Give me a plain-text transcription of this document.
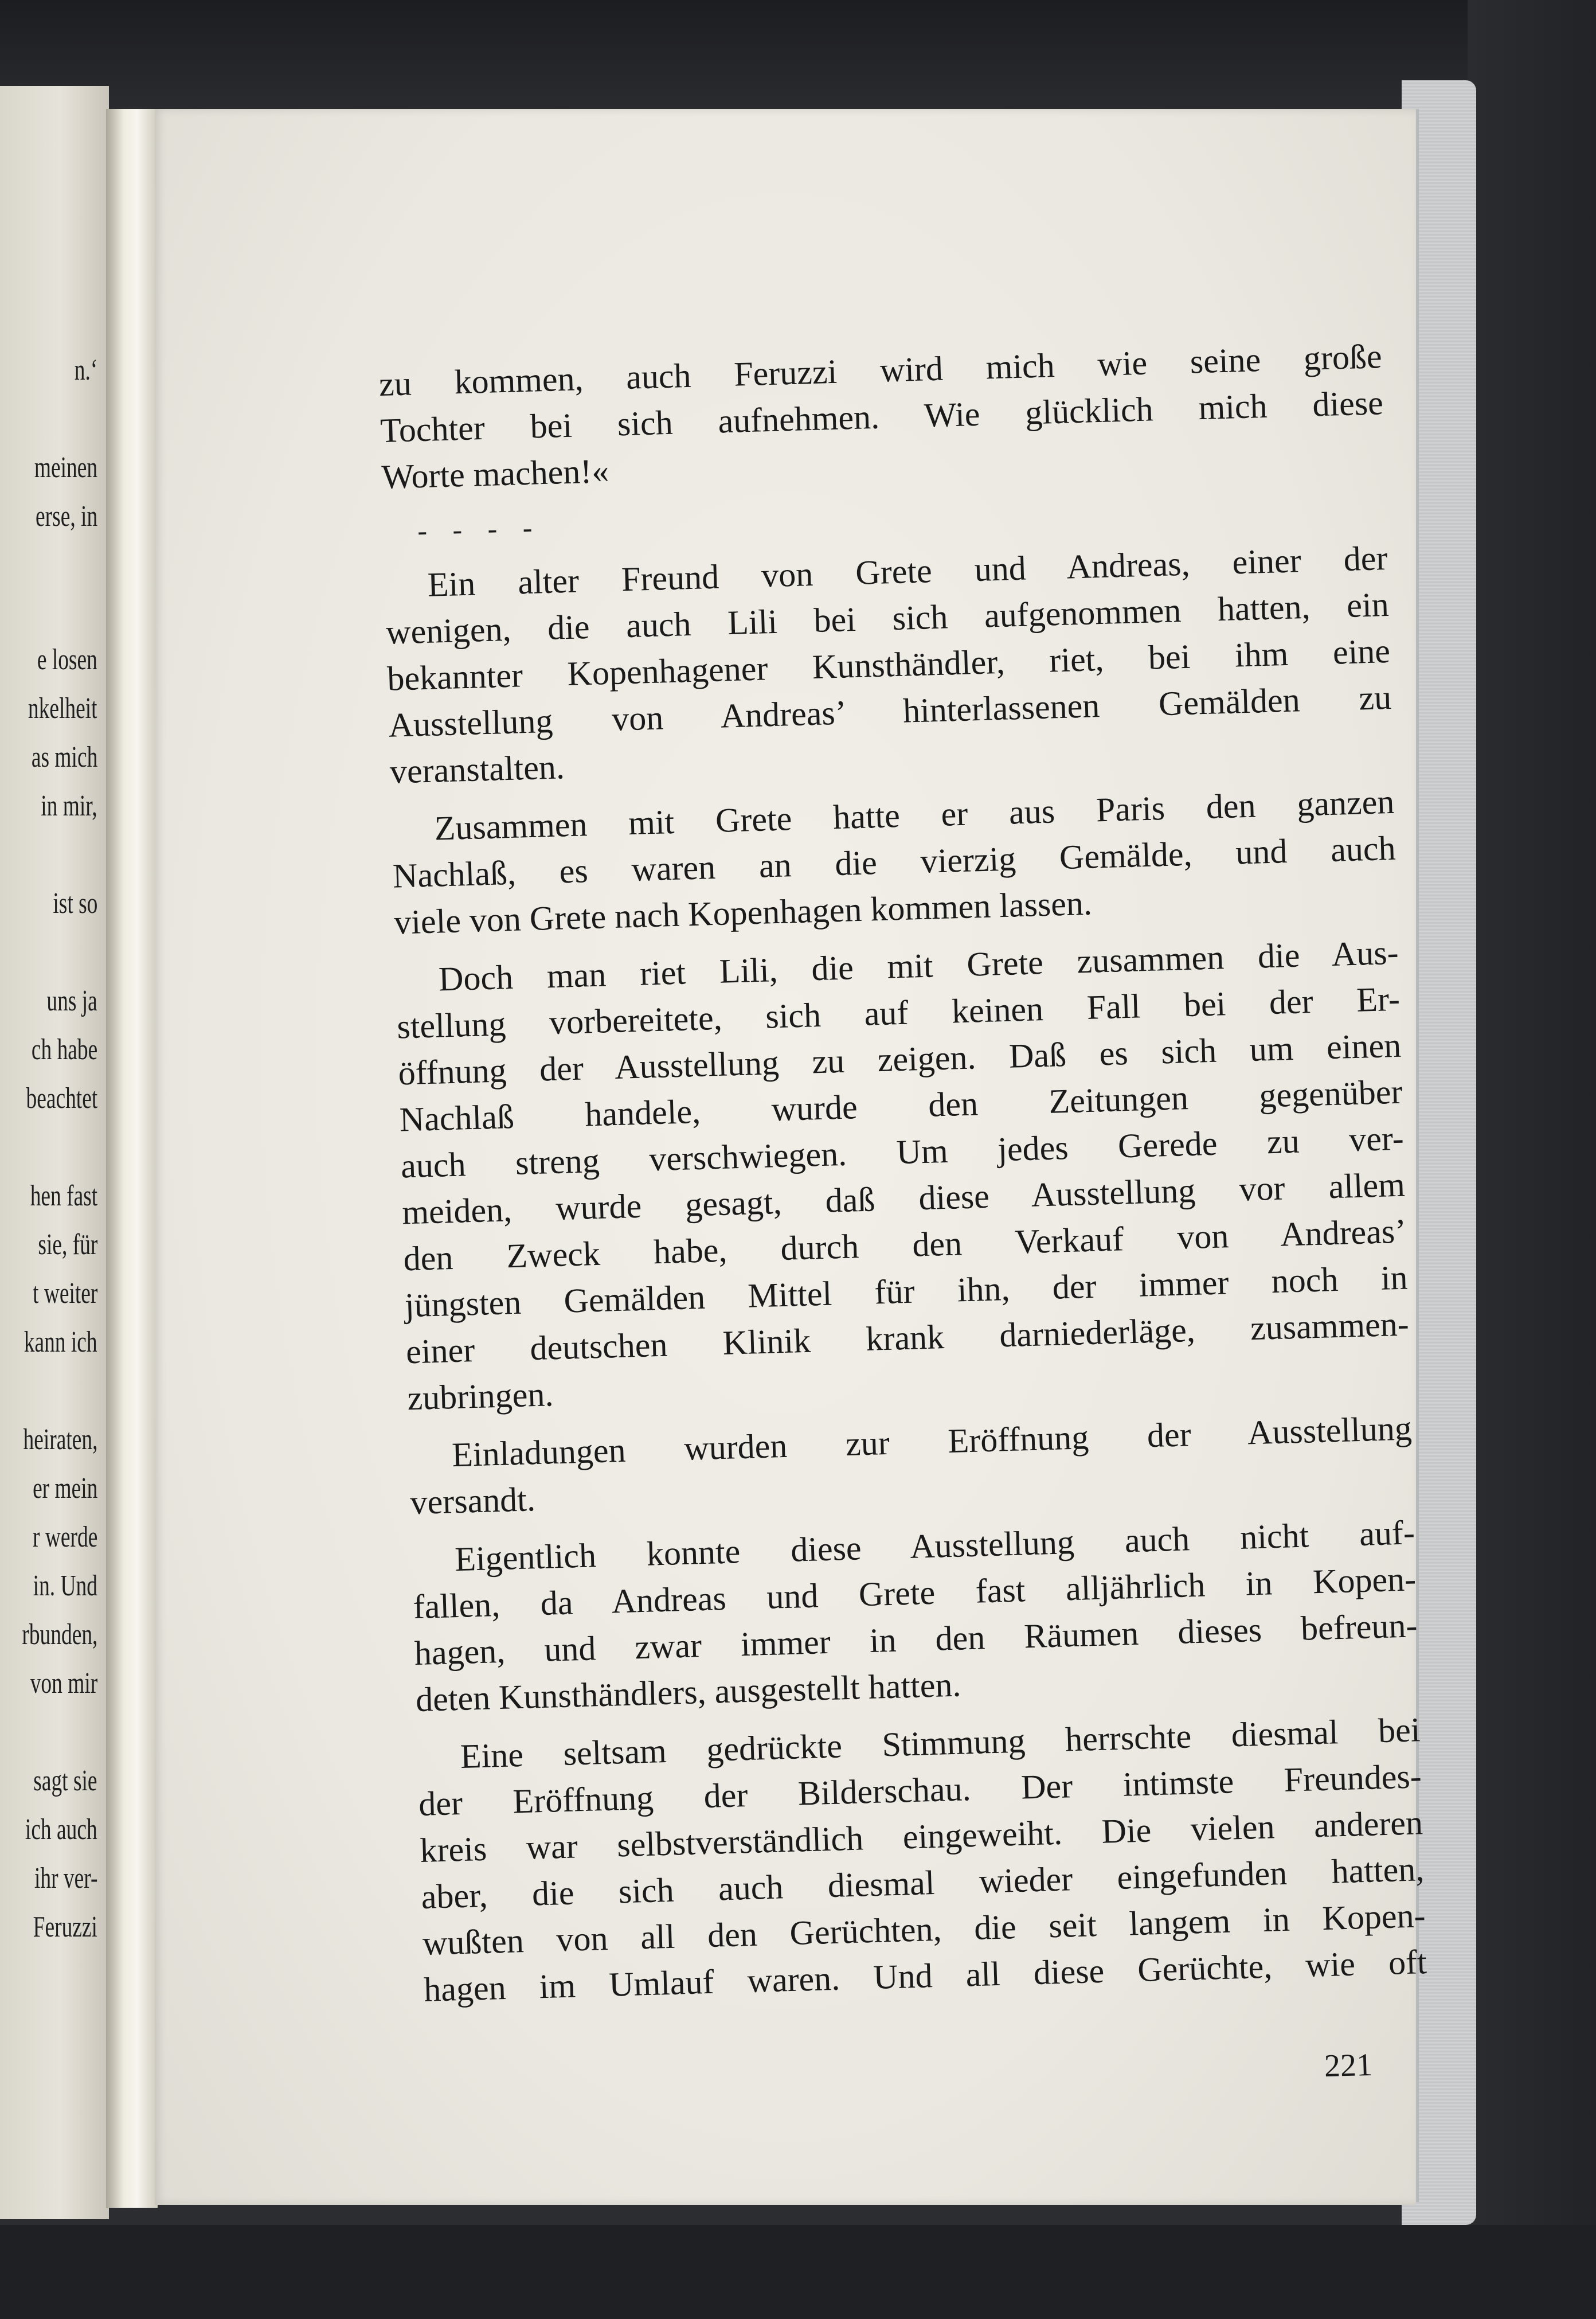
n.‘
meinen
erse, in
e losen
nkelheit
as mich
in mir,
ist so
uns ja
ch habe
beachtet
hen fast
sie, für
t weiter
kann ich
heiraten,
er mein
r werde
in. Und
rbunden,
von mir
sagt sie
ich auch
ihr ver-
Feruzzi
zu kommen, auch Feruzzi wird mich wie seine große
Tochter bei sich aufnehmen. Wie glücklich mich diese
Worte machen!«
- - - -
Ein alter Freund von Grete und Andreas, einer der
wenigen, die auch Lili bei sich aufgenommen hatten, ein
bekannter Kopenhagener Kunsthändler, riet, bei ihm eine
Ausstellung von Andreas’ hinterlassenen Gemälden zu
veranstalten.
Zusammen mit Grete hatte er aus Paris den ganzen
Nachlaß, es waren an die vierzig Gemälde, und auch
viele von Grete nach Kopenhagen kommen lassen.
Doch man riet Lili, die mit Grete zusammen die Aus-
stellung vorbereitete, sich auf keinen Fall bei der Er-
öffnung der Ausstellung zu zeigen. Daß es sich um einen
Nachlaß handele, wurde den Zeitungen gegenüber
auch streng verschwiegen. Um jedes Gerede zu ver-
meiden, wurde gesagt, daß diese Ausstellung vor allem
den Zweck habe, durch den Verkauf von Andreas’
jüngsten Gemälden Mittel für ihn, der immer noch in
einer deutschen Klinik krank darniederläge, zusammen-
zubringen.
Einladungen wurden zur Eröffnung der Ausstellung
versandt.
Eigentlich konnte diese Ausstellung auch nicht auf-
fallen, da Andreas und Grete fast alljährlich in Kopen-
hagen, und zwar immer in den Räumen dieses befreun-
deten Kunsthändlers, ausgestellt hatten.
Eine seltsam gedrückte Stimmung herrschte diesmal bei
der Eröffnung der Bilderschau. Der intimste Freundes-
kreis war selbstverständlich eingeweiht. Die vielen anderen
aber, die sich auch diesmal wieder eingefunden hatten,
wußten von all den Gerüchten, die seit langem in Kopen-
hagen im Umlauf waren. Und all diese Gerüchte, wie oft
221
